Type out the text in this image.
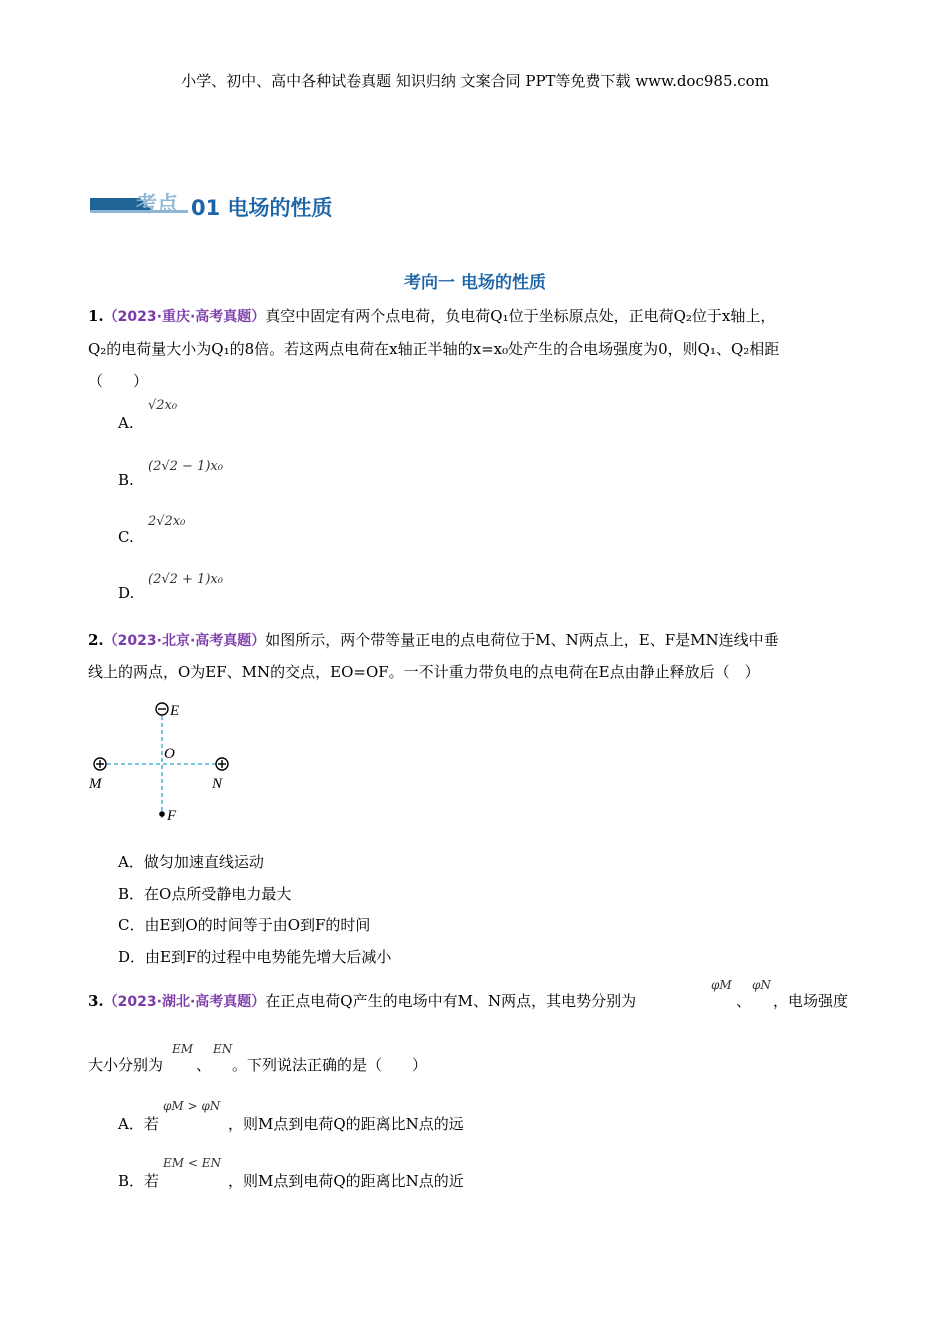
小学、初中、高中各种试卷真题 知识归纳 文案合同 PPT等免费下载 www.doc985.com
考点 01 电场的性质
考向一 电场的性质
1.（2023·重庆·高考真题）真空中固定有两个点电荷，负电荷Q₁位于坐标原点处，正电荷Q₂位于x轴上，
Q₂的电荷量大小为Q₁的8倍。若这两点电荷在x轴正半轴的x=x₀处产生的合电场强度为0，则Q₁、Q₂相距
（　　）
A.
√2x₀
B.
(2√2 − 1)x₀
C.
2√2x₀
D.
(2√2 + 1)x₀
2.（2023·北京·高考真题）如图所示，两个带等量正电的点电荷位于M、N两点上，E、F是MN连线中垂
线上的两点，O为EF、MN的交点，EO=OF。一不计重力带负电的点电荷在E点由静止释放后（　）
E
O
M	N
F
A．做匀加速直线运动
B．在O点所受静电力最大
C．由E到O的时间等于由O到F的时间
D．由E到F的过程中电势能先增大后减小
3.（2023·湖北·高考真题）在正点电荷Q产生的电场中有M、N两点，其电势分别为
φM
、
φN
，电场强度
大小分别为
EM
、
EN
。下列说法正确的是（　　）
A．若
φM > φN
，则M点到电荷Q的距离比N点的远
B．若
EM < EN
，则M点到电荷Q的距离比N点的近
